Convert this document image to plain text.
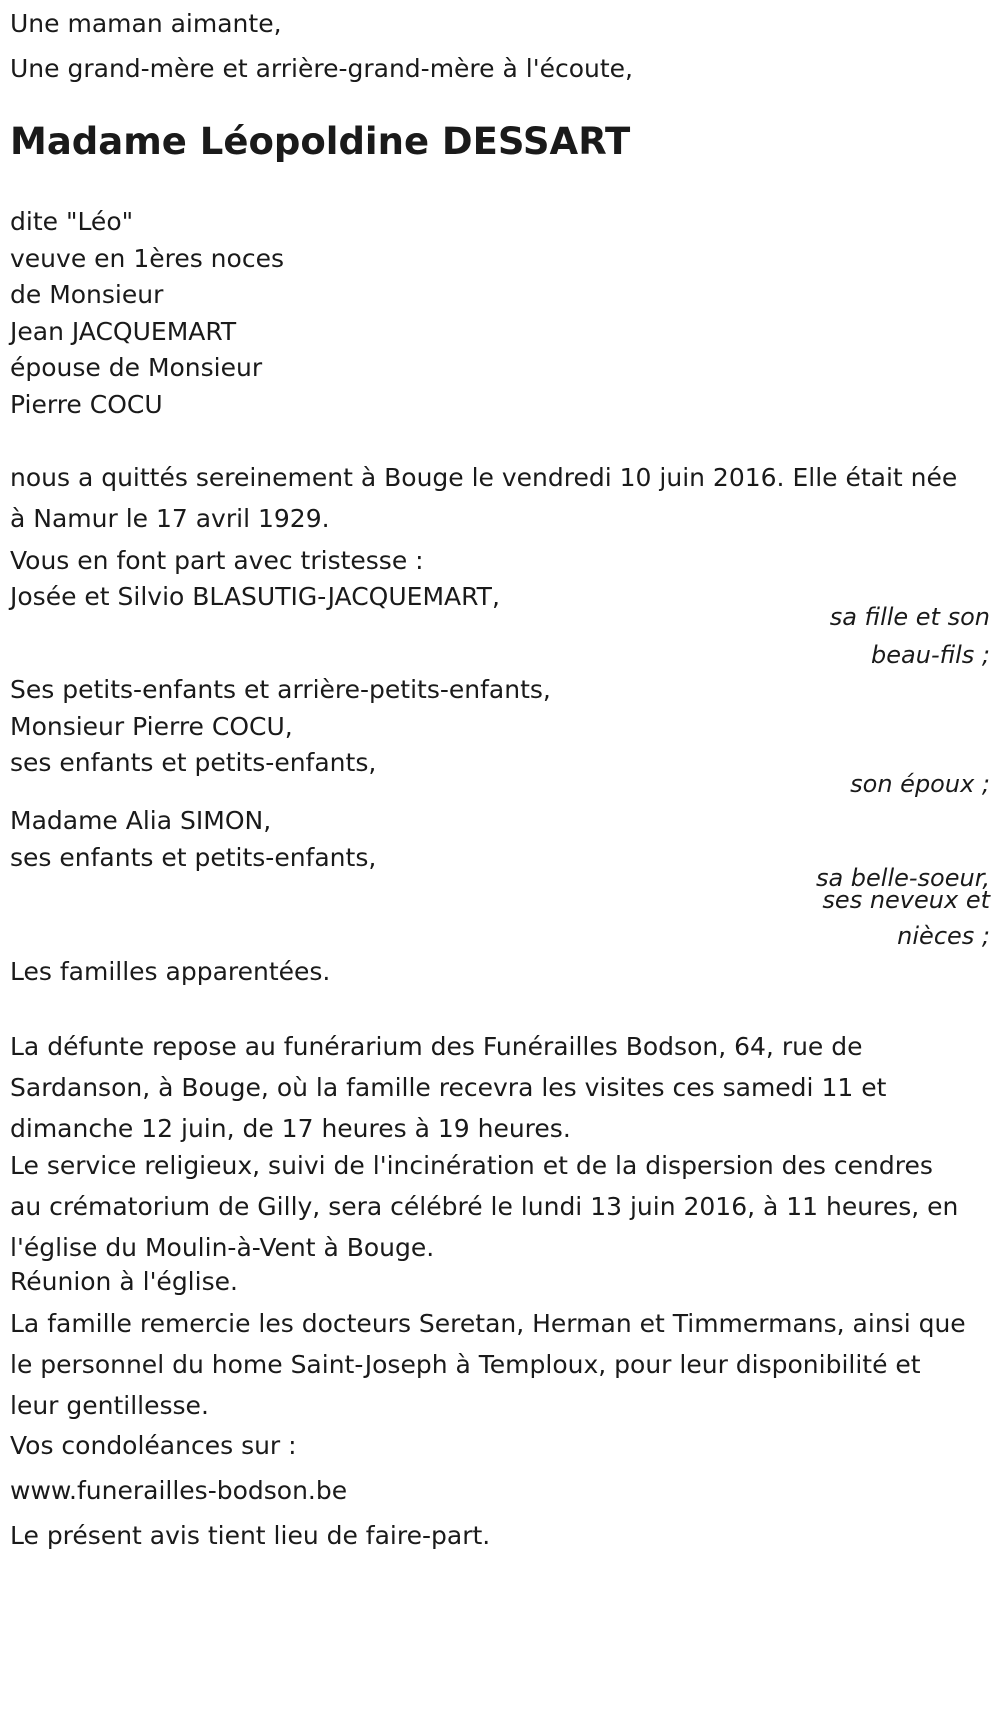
Une maman aimante,
Une grand-mère et arrière-grand-mère à l'écoute,
Madame Léopoldine DESSART
dite "Léo"
veuve en 1ères noces
de Monsieur
Jean JACQUEMART
épouse de Monsieur
Pierre COCU
nous a quittés sereinement à Bouge le vendredi 10 juin 2016. Elle était née à Namur le 17 avril 1929.
Vous en font part avec tristesse :
Josée et Silvio BLASUTIG-JACQUEMART,
sa fille et son
beau-fils ;
Ses petits-enfants et arrière-petits-enfants,
Monsieur Pierre COCU,
ses enfants et petits-enfants,
son époux ;
Madame Alia SIMON,
ses enfants et petits-enfants,
sa belle-soeur,
ses neveux et
nièces ;
Les familles apparentées.
La défunte repose au funérarium des Funérailles Bodson, 64, rue de Sardanson, à Bouge, où la famille recevra les visites ces samedi 11 et dimanche 12 juin, de 17 heures à 19 heures.
Le service religieux, suivi de l'incinération et de la dispersion des cendres au crématorium de Gilly, sera célébré le lundi 13 juin 2016, à 11 heures, en l'église du Moulin-à-Vent à Bouge.
Réunion à l'église.
La famille remercie les docteurs Seretan, Herman et Timmermans, ainsi que le personnel du home Saint-Joseph à Temploux, pour leur disponibilité et leur gentillesse.
Vos condoléances sur :
www.funerailles-bodson.be
Le présent avis tient lieu de faire-part.
